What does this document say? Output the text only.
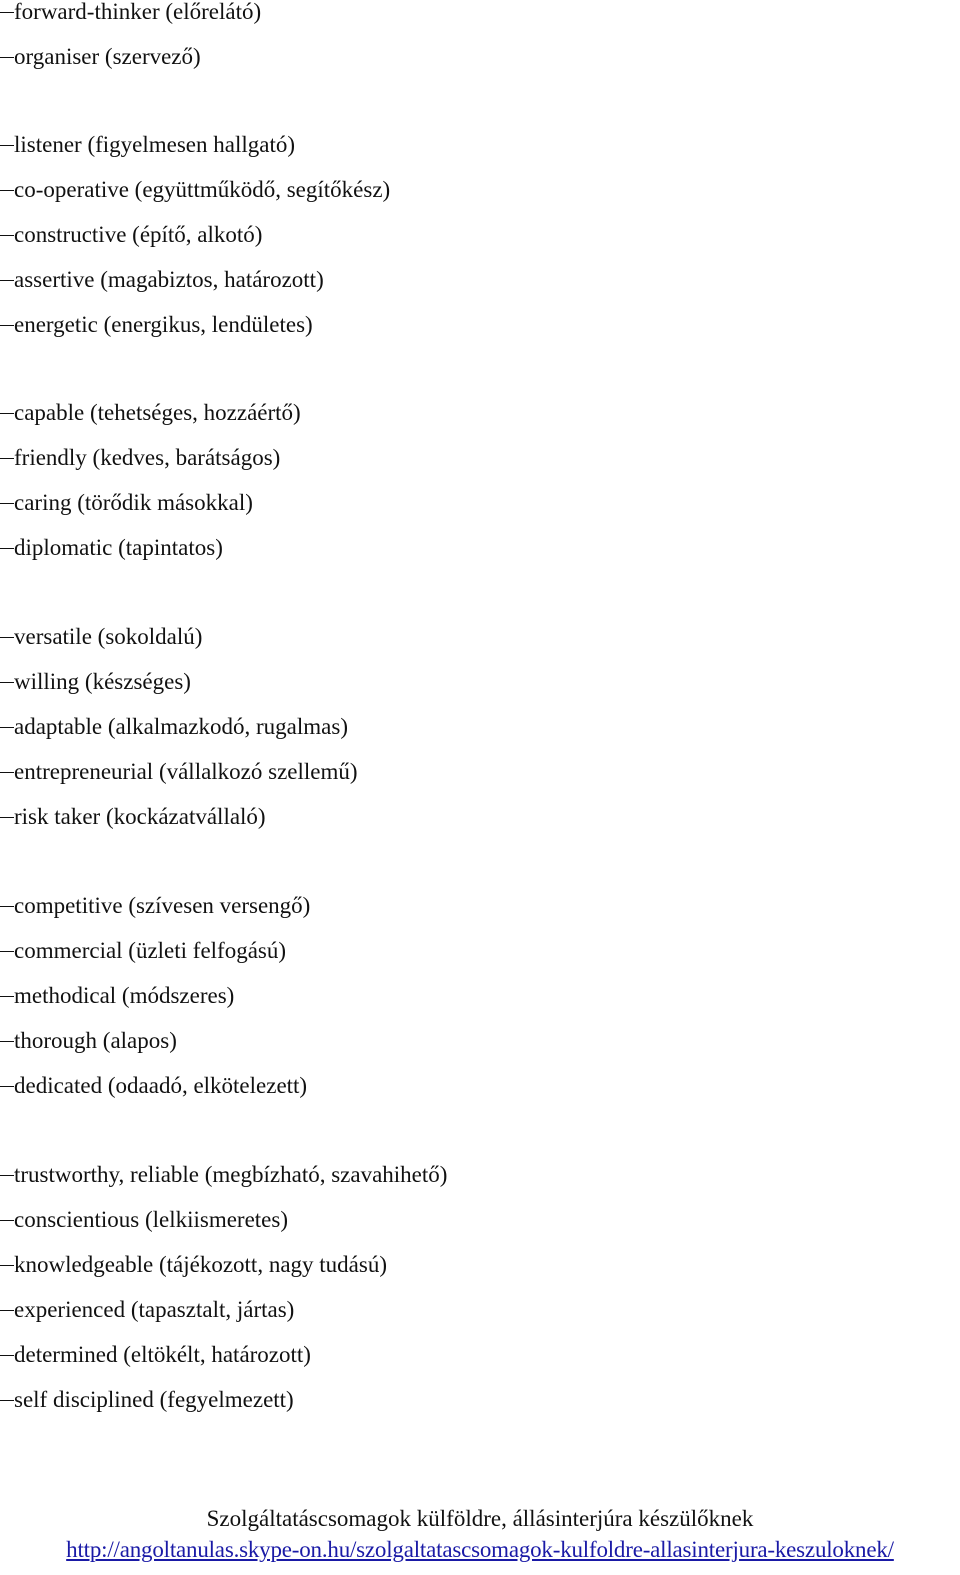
forward-thinker (előrelátó)
organiser (szervező)
listener (figyelmesen hallgató)
co-operative (együttműködő, segítőkész)
constructive (építő, alkotó)
assertive (magabiztos, határozott)
energetic (energikus, lendületes)
capable (tehetséges, hozzáértő)
friendly (kedves, barátságos)
caring (törődik másokkal)
diplomatic (tapintatos)
versatile (sokoldalú)
willing (készséges)
adaptable (alkalmazkodó, rugalmas)
entrepreneurial (vállalkozó szellemű)
risk taker (kockázatvállaló)
competitive (szívesen versengő)
commercial (üzleti felfogású)
methodical (módszeres)
thorough (alapos)
dedicated (odaadó, elkötelezett)
trustworthy, reliable (megbízható, szavahihető)
conscientious (lelkiismeretes)
knowledgeable (tájékozott, nagy tudású)
experienced (tapasztalt, jártas)
determined (eltökélt, határozott)
self disciplined (fegyelmezett)
Szolgáltatáscsomagok külföldre, állásinterjúra készülőknek
http://angoltanulas.skype-on.hu/szolgaltatascsomagok-kulfoldre-allasinterjura-keszuloknek/
